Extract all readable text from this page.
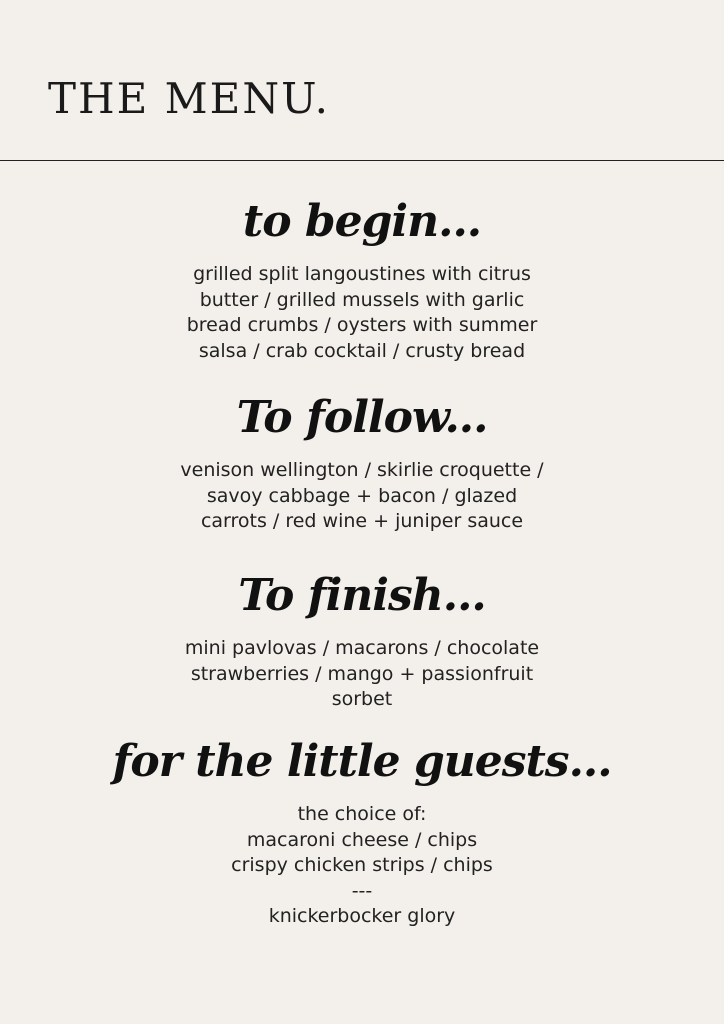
THE MENU.
to begin...
grilled split langoustines with citrus
butter / grilled mussels with garlic
bread crumbs / oysters with summer
salsa / crab cocktail / crusty bread
To follow...
venison wellington / skirlie croquette /
savoy cabbage + bacon / glazed
carrots / red wine + juniper sauce
To finish...
mini pavlovas / macarons / chocolate
strawberries / mango + passionfruit
sorbet
for the little guests...
the choice of:
macaroni cheese / chips
crispy chicken strips / chips
---
knickerbocker glory
